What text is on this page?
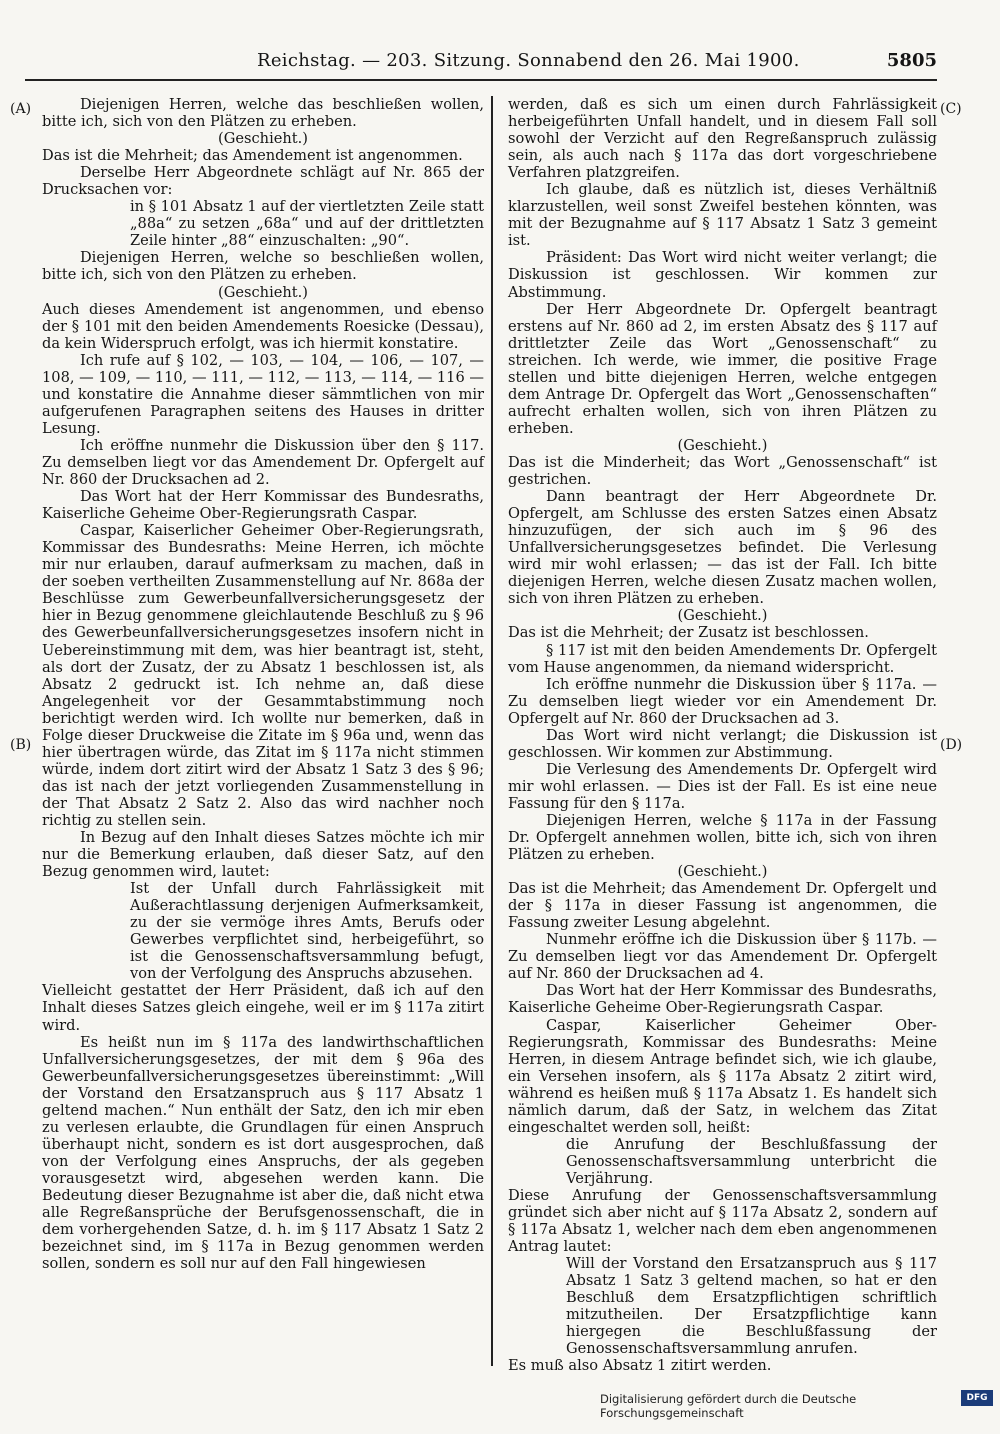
Reichstag. — 203. Sitzung. Sonnabend den 26. Mai 1900.	5805
(A)
(B)
(C)
(D)

Diejenigen Herren, welche das beschließen wollen, bitte ich, sich von den Plätzen zu erheben.

(Geschieht.)

Das ist die Mehrheit; das Amendement ist angenommen.

Derselbe Herr Abgeordnete schlägt auf Nr. 865 der Drucksachen vor:

in § 101 Absatz 1 auf der viertletzten Zeile statt „88a“ zu setzen „68a“ und auf der drittletzten Zeile hinter „88“ einzuschalten: „90“.

Diejenigen Herren, welche so beschließen wollen, bitte ich, sich von den Plätzen zu erheben.

(Geschieht.)

Auch dieses Amendement ist angenommen, und ebenso der § 101 mit den beiden Amendements Roesicke (Dessau), da kein Widerspruch erfolgt, was ich hiermit konstatire.

Ich rufe auf § 102, — 103, — 104, — 106, — 107, — 108, — 109, — 110, — 111, — 112, — 113, — 114, — 116 — und konstatire die Annahme dieser sämmtlichen von mir aufgerufenen Paragraphen seitens des Hauses in dritter Lesung.

Ich eröffne nunmehr die Diskussion über den § 117. Zu demselben liegt vor das Amendement Dr. Opfergelt auf Nr. 860 der Drucksachen ad 2.

Das Wort hat der Herr Kommissar des Bundesraths, Kaiserliche Geheime Ober-Regierungsrath Caspar.

Caspar, Kaiserlicher Geheimer Ober-Regierungsrath, Kommissar des Bundesraths: Meine Herren, ich möchte mir nur erlauben, darauf aufmerksam zu machen, daß in der soeben vertheilten Zusammenstellung auf Nr. 868a der Beschlüsse zum Gewerbeunfallversicherungsgesetz der hier in Bezug genommene gleichlautende Beschluß zu § 96 des Gewerbeunfallversicherungsgesetzes insofern nicht in Uebereinstimmung mit dem, was hier beantragt ist, steht, als dort der Zusatz, der zu Absatz 1 beschlossen ist, als Absatz 2 gedruckt ist. Ich nehme an, daß diese Angelegenheit vor der Gesammtabstimmung noch berichtigt werden wird. Ich wollte nur bemerken, daß in Folge dieser Druckweise die Zitate im § 96a und, wenn das hier übertragen würde, das Zitat im § 117a nicht stimmen würde, indem dort zitirt wird der Absatz 1 Satz 3 des § 96; das ist nach der jetzt vorliegenden Zusammenstellung in der That Absatz 2 Satz 2. Also das wird nachher noch richtig zu stellen sein.

In Bezug auf den Inhalt dieses Satzes möchte ich mir nur die Bemerkung erlauben, daß dieser Satz, auf den Bezug genommen wird, lautet:

Ist der Unfall durch Fahrlässigkeit mit Außerachtlassung derjenigen Aufmerksamkeit, zu der sie vermöge ihres Amts, Berufs oder Gewerbes verpflichtet sind, herbeigeführt, so ist die Genossenschaftsversammlung befugt, von der Verfolgung des Anspruchs abzusehen.

Vielleicht gestattet der Herr Präsident, daß ich auf den Inhalt dieses Satzes gleich eingehe, weil er im § 117a zitirt wird.

Es heißt nun im § 117a des landwirthschaftlichen Unfallversicherungsgesetzes, der mit dem § 96a des Gewerbeunfallversicherungsgesetzes übereinstimmt: „Will der Vorstand den Ersatzanspruch aus § 117 Absatz 1 geltend machen.“ Nun enthält der Satz, den ich mir eben zu verlesen erlaubte, die Grundlagen für einen Anspruch überhaupt nicht, sondern es ist dort ausgesprochen, daß von der Verfolgung eines Anspruchs, der als gegeben vorausgesetzt wird, abgesehen werden kann. Die Bedeutung dieser Bezugnahme ist aber die, daß nicht etwa alle Regreßansprüche der Berufsgenossenschaft, die in dem vorhergehenden Satze, d. h. im § 117 Absatz 1 Satz 2 bezeichnet sind, im § 117a in Bezug genommen werden sollen, sondern es soll nur auf den Fall hingewiesen

werden, daß es sich um einen durch Fahrlässigkeit herbeigeführten Unfall handelt, und in diesem Fall soll sowohl der Verzicht auf den Regreßanspruch zulässig sein, als auch nach § 117a das dort vorgeschriebene Verfahren platzgreifen.

Ich glaube, daß es nützlich ist, dieses Verhältniß klarzustellen, weil sonst Zweifel bestehen könnten, was mit der Bezugnahme auf § 117 Absatz 1 Satz 3 gemeint ist.

Präsident: Das Wort wird nicht weiter verlangt; die Diskussion ist geschlossen. Wir kommen zur Abstimmung.

Der Herr Abgeordnete Dr. Opfergelt beantragt erstens auf Nr. 860 ad 2, im ersten Absatz des § 117 auf drittletzter Zeile das Wort „Genossenschaft“ zu streichen. Ich werde, wie immer, die positive Frage stellen und bitte diejenigen Herren, welche entgegen dem Antrage Dr. Opfergelt das Wort „Genossenschaften“ aufrecht erhalten wollen, sich von ihren Plätzen zu erheben.

(Geschieht.)

Das ist die Minderheit; das Wort „Genossenschaft“ ist gestrichen.

Dann beantragt der Herr Abgeordnete Dr. Opfergelt, am Schlusse des ersten Satzes einen Absatz hinzuzufügen, der sich auch im § 96 des Unfallversicherungsgesetzes befindet. Die Verlesung wird mir wohl erlassen; — das ist der Fall. Ich bitte diejenigen Herren, welche diesen Zusatz machen wollen, sich von ihren Plätzen zu erheben.

(Geschieht.)

Das ist die Mehrheit; der Zusatz ist beschlossen.

§ 117 ist mit den beiden Amendements Dr. Opfergelt vom Hause angenommen, da niemand widerspricht.

Ich eröffne nunmehr die Diskussion über § 117a. — Zu demselben liegt wieder vor ein Amendement Dr. Opfergelt auf Nr. 860 der Drucksachen ad 3.

Das Wort wird nicht verlangt; die Diskussion ist geschlossen. Wir kommen zur Abstimmung.

Die Verlesung des Amendements Dr. Opfergelt wird mir wohl erlassen. — Dies ist der Fall. Es ist eine neue Fassung für den § 117a.

Diejenigen Herren, welche § 117a in der Fassung Dr. Opfergelt annehmen wollen, bitte ich, sich von ihren Plätzen zu erheben.

(Geschieht.)

Das ist die Mehrheit; das Amendement Dr. Opfergelt und der § 117a in dieser Fassung ist angenommen, die Fassung zweiter Lesung abgelehnt.

Nunmehr eröffne ich die Diskussion über § 117b. — Zu demselben liegt vor das Amendement Dr. Opfergelt auf Nr. 860 der Drucksachen ad 4.

Das Wort hat der Herr Kommissar des Bundesraths, Kaiserliche Geheime Ober-Regierungsrath Caspar.

Caspar, Kaiserlicher Geheimer Ober-Regierungsrath, Kommissar des Bundesraths: Meine Herren, in diesem Antrage befindet sich, wie ich glaube, ein Versehen insofern, als § 117a Absatz 2 zitirt wird, während es heißen muß § 117a Absatz 1. Es handelt sich nämlich darum, daß der Satz, in welchem das Zitat eingeschaltet werden soll, heißt:

die Anrufung der Beschlußfassung der Genossenschaftsversammlung unterbricht die Verjährung.

Diese Anrufung der Genossenschaftsversammlung gründet sich aber nicht auf § 117a Absatz 2, sondern auf § 117a Absatz 1, welcher nach dem eben angenommenen Antrag lautet:

Will der Vorstand den Ersatzanspruch aus § 117 Absatz 1 Satz 3 geltend machen, so hat er den Beschluß dem Ersatzpflichtigen schriftlich mitzutheilen. Der Ersatzpflichtige kann hiergegen die Beschlußfassung der Genossenschaftsversammlung anrufen.

Es muß also Absatz 1 zitirt werden.

Digitalisierung gefördert durch die Deutsche Forschungsgemeinschaft
DFG
